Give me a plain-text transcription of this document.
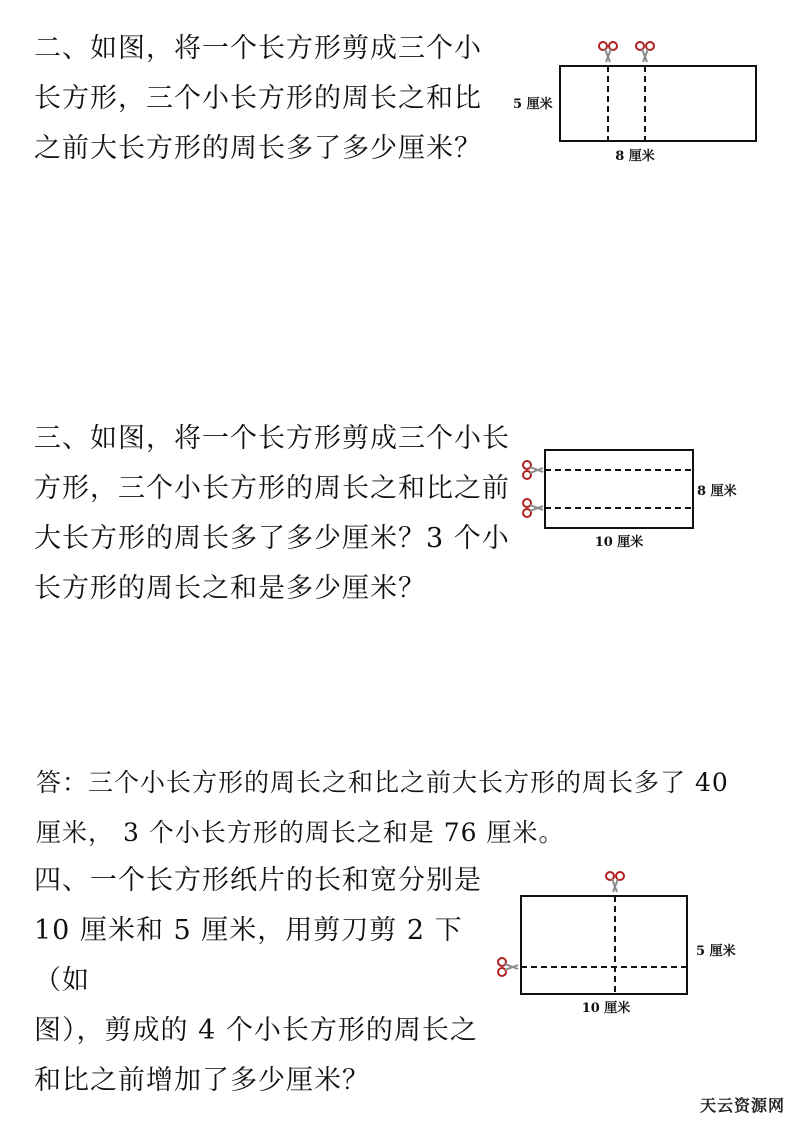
二、如图，将一个长方形剪成三个小

长方形，三个小长方形的周长之和比

之前大长方形的周长多了多少厘米？

5 厘米
8 厘米

三、如图，将一个长方形剪成三个小长

方形，三个小长方形的周长之和比之前

大长方形的周长多了多少厘米？3 个小

长方形的周长之和是多少厘米？

8 厘米
10 厘米
答：三个小长方形的周长之和比之前大长方形的周长多了 40
厘米， 3 个小长方形的周长之和是 76 厘米。

四、一个长方形纸片的长和宽分别是

10 厘米和 5 厘米，用剪刀剪 2 下（如

图），剪成的 4 个小长方形的周长之

和比之前增加了多少厘米？

5 厘米
10 厘米
天云资源网
